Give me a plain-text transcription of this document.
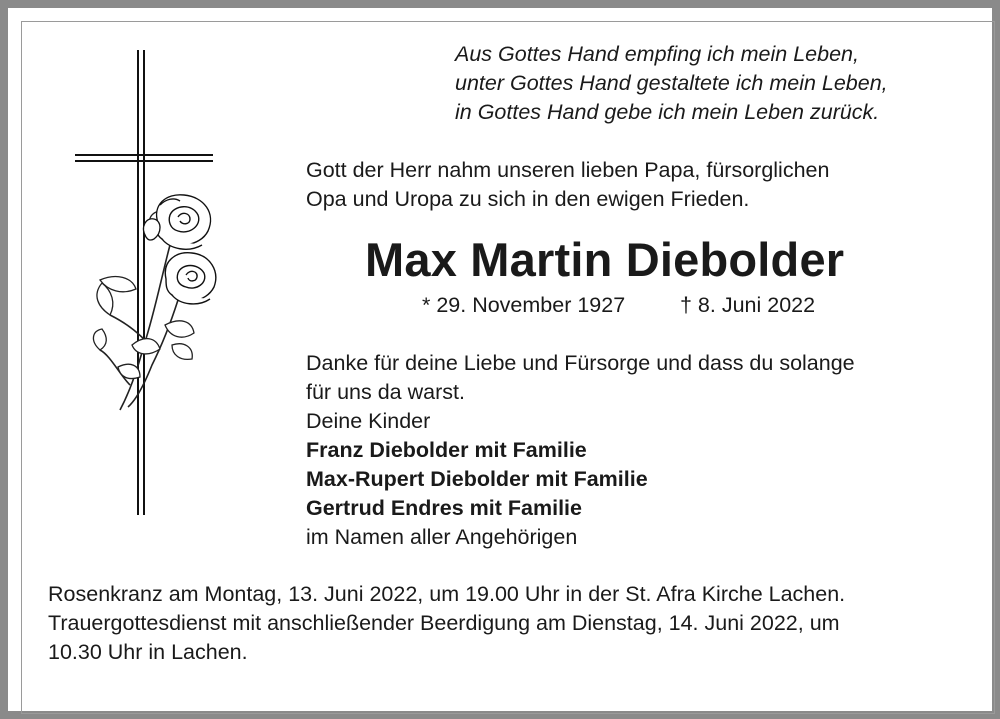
Aus Gottes Hand empfing ich mein Leben,
unter Gottes Hand gestaltete ich mein Leben,
in Gottes Hand gebe ich mein Leben zurück.
Gott der Herr nahm unseren lieben Papa, fürsorglichen
Opa und Uropa zu sich in den ewigen Frieden.
Max Martin Diebolder
* 29. November 1927	† 8. Juni 2022
Danke für deine Liebe und Fürsorge und dass du solange
für uns da warst.
Deine Kinder
Franz Diebolder mit Familie
Max-Rupert Diebolder mit Familie
Gertrud Endres mit Familie
im Namen aller Angehörigen
Rosenkranz am Montag, 13. Juni 2022, um 19.00 Uhr in der St. Afra Kirche Lachen.
Trauergottesdienst mit anschließender Beerdigung am Dienstag, 14. Juni 2022, um
10.30 Uhr in Lachen.
